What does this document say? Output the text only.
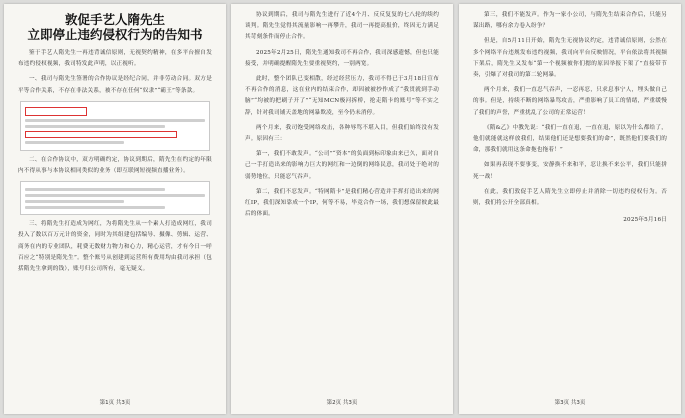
敦促手艺人隋先生
立即停止违约侵权行为的告知书

鉴于手艺人隋先生一再违背诚信原则，无视契约精神，在多平台擅自发布违约侵权视频，我司特发此声明，以正视听。

一、我司与隋先生签署的合作协议是经纪合同，并非劳动合同。双方是平等合作关系，不存在非法关系，被不存在任何“奴隶”“霸王”等条款。

二、在合作协议中，双方明确约定，协议到期后，隋先生在约定的年限内不得从事与本协议相同类似的业务（即互联网短视频直播业务）。

三、将隋先生打造成为网红，为将隋先生从一个素人打造成网红，我司投入了数以百万元计的资金，同时为其组建包括编导、摄像、剪辑、运营、商务在内的专业团队，耗费无数财力物力和心力，精心运营，才有今日一呼百应之“特别是隋先生”。整个账号从创建到运营所有费用均由我司承担（包括隋先生拿到的钱），账号归公司所有，毫无疑义。

第1页 共3页

协议到期后，我司与隋先生进行了近4个月、反反复复的七八轮的续约谈判。隋先生觉得其流量影响一再攀升，我司一再提高报价，终因无力满足其苛刻条件而停止合作。

2025年2月25日，隋先生通知我司不再合作，我司深感遗憾，但也只能接受，并明确提醒隋先生要重视契约，一别两宽。

此时，整个团队已变相散，经过经营压力，我司不得已于3月18日宣布不再合作的消息，这在业内的结束合作，却因被被抄作成了“我贯就到手动脑”“均被的把刷子开了”“无知MCN极河拆桥，抢走隋卡的账号”等不实之辞，针对我司铺天盖地的网暴欺凌，至今仍未消停。

两个月来，我司饱受网络攻击，各种辱骂不堪入目，但我们始终没有发声。原因有三：

第一，我们不敢发声。“公司”“资本”的负面到标印象由来已久，面对自己一手打造出来的影响力巨大的网红和一边倒的网络民意，我司处于绝对的弱势地位，只能忍气吞声。

第二，我们不忍发声。“特网隋卡”是我们精心营造并手挥打造出来的网红IP，我们深知靠成一个IP，何等不易，毕竟合作一场，我们想保留彼此最后的体面。

第2页 共3页

第三，我们不能发声。作为一家小公司，与隋先生结束合作后，只能另谋出路，哪有余力卷入纷争？

但是，自5月11日开始，隋先生无视协议约定，违背诚信原则，公然在多个网络平台违规发布违约视频，我司向平台反映情况，平台依法将其视频下架后，隋先生又发布“第一个视频被你们摁的原因举报下架了”直接带节奏，引爆了对我司的第二轮网暴。

两个月来，我们一直忍气吞声，一忍再忍，只求息事宁人，埋头做自己的事。但是，持续不断的网络暴骂攻击，严重影响了员工的情绪，严重缓慢了我们的声誉，严重扰乱了公司的正常运营！

《隋&乙》中教先说：“我们一直在退，一直在退，原以为什么都给了，他们就能就这样放我们，结果他们还是想要我们的命”，既然他们要我们的命，那我们就用这条命拖也拖着！”

如果再表现不要事变，安静换不来和平，忍让换不来公平，我们只能拼死一战！

在此，我们敦促手艺人隋先生立即停止并消除一切违约侵权行为。否则，我们将公开全部真相。

2025年5月16日

第3页 共3页
